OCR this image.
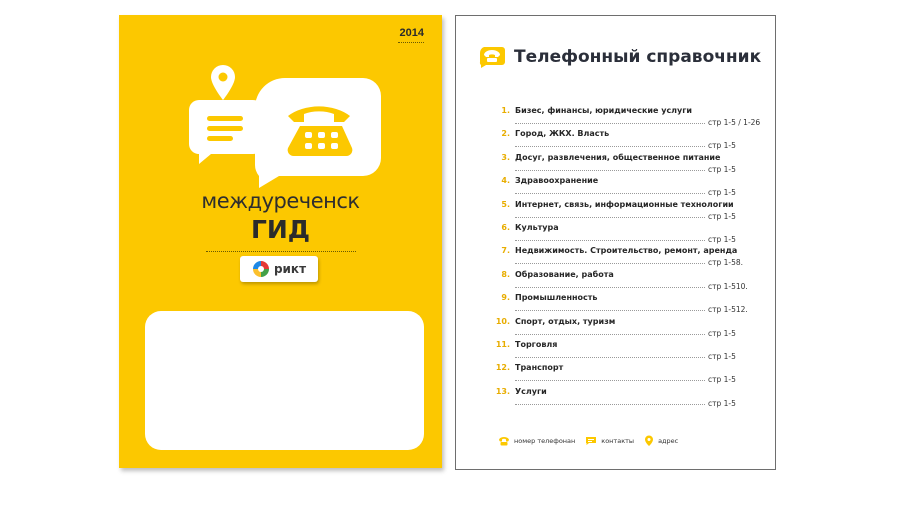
2014
междуреченск
ГИД
рикт
Телефонный справочник
1. Бизес, финансы, юридические услуги
стр 1-5 / 1-26
2. Город, ЖКХ. Власть
стр 1-5
3. Досуг, развлечения, общественное питание
стр 1-5
4. Здравоохранение
стр 1-5
5. Интернет, связь, информационные технологии
стр 1-5
6. Культура
стр 1-5
7. Недвижимость. Строительство, ремонт, аренда
стр 1-58.
8. Образование, работа
стр 1-510.
9. Промышленность
стр 1-512.
10. Спорт, отдых, туризм
стр 1-5
11. Торговля
стр 1-5
12. Транспорт
стр 1-5
13. Услуги
стр 1-5
номер телефонан	контакты	адрес
